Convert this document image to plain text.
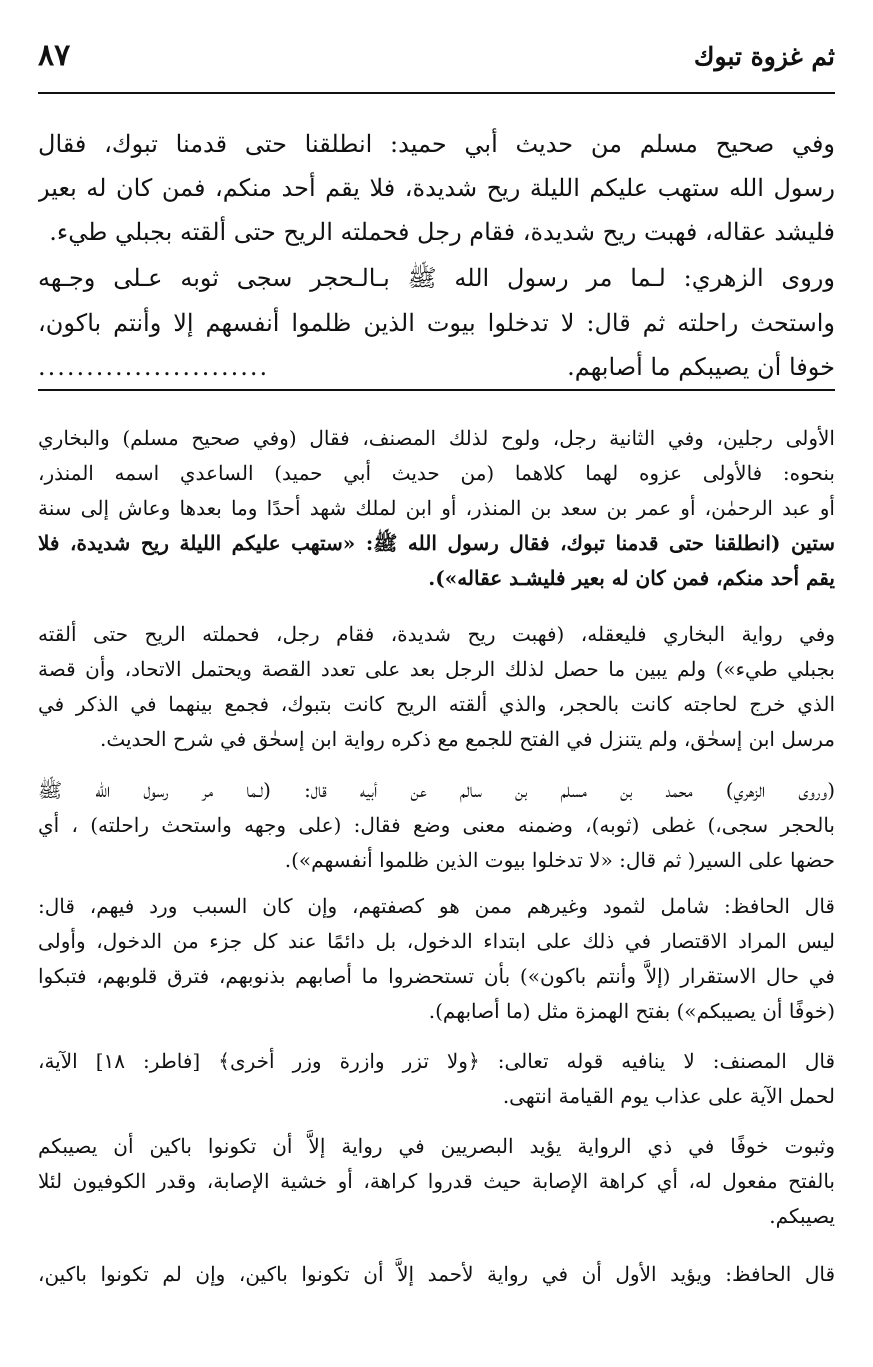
ثم غزوة تبوك
٨٧
وفي صحيح مسلم من حديث أبي حميد: انطلقنا حتى قدمنا تبوك، فقال
رسول الله ستهب عليكم الليلة ريح شديدة، فلا يقم أحد منكم، فمن كان له بعير
فليشد عقاله، فهبت ريح شديدة، فقام رجل فحملته الريح حتى ألقته بجبلي طيء.
وروى الزهري: لـما مر رسول الله ﷺ بـالـحجر سجى ثوبه عـلى وجـهه
واستحث راحلته ثم قال: لا تدخلوا بيوت الذين ظلموا أنفسهم إلا وأنتم باكون،
خوفا أن يصيبكم ما أصابهم.
........................
الأولى رجلين، وفي الثانية رجل، ولوح لذلك المصنف، فقال (وفي صحيح مسلم) والبخاري
بنحوه: فالأولى عزوه لهما كلاهما (من حديث أبي حميد) الساعدي اسمه المنذر،
أو عبد الرحمٰن، أو عمر بن سعد بن المنذر، أو ابن لملك شهد أحدًا وما بعدها وعاش إلى سنة
ستين (انطلقنا حتى قدمنا تبوك، فقال رسول الله ﷺ: «ستهب عليكم الليلة ريح شديدة، فلا
يقم أحد منكم، فمن كان له بعير فليشـد عقاله»).
وفي رواية البخاري فليعقله، (فهبت ريح شديدة، فقام رجل، فحملته الريح حتى ألقته
بجبلي طيء») ولم يبين ما حصل لذلك الرجل بعد على تعدد القصة ويحتمل الاتحاد، وأن قصة
الذي خرج لحاجته كانت بالحجر، والذي ألقته الريح كانت بتبوك، فجمع بينهما في الذكر في
مرسل ابن إسحٰق، ولم يتنزل في الفتح للجمع مع ذكره رواية ابن إسحٰق في شرح الحديث.
(وروى الزهري) محمد بن مسلم بن سالم عن أبيه قال: (لـما مر رسول الله ﷺ
بالحجر سجى،) غطى (ثوبه)، وضمنه معنى وضع فقال: (على وجهه واستحث راحلته) ، أي
حضها على السير( ثم قال: «لا تدخلوا بيوت الذين ظلموا أنفسهم»).
قال الحافظ: شامل لثمود وغيرهم ممن هو كصفتهم، وإن كان السبب ورد فيهم، قال:
ليس المراد الاقتصار في ذلك على ابتداء الدخول، بل دائمًا عند كل جزء من الدخول، وأولى
في حال الاستقرار (إلاَّ وأنتم باكون») بأن تستحضروا ما أصابهم بذنوبهم، فترق قلوبهم، فتبكوا
(خوفًا أن يصيبكم») بفتح الهمزة مثل (ما أصابهم).
قال المصنف: لا ينافيه قوله تعالى: ﴿ولا تزر وازرة وزر أخرى﴾ [فاطر: ١٨] الآية،
لحمل الآية على عذاب يوم القيامة انتهى.
وثبوت خوفًا في ذي الرواية يؤيد البصريين في رواية إلاَّ أن تكونوا باكين أن يصيبكم
بالفتح مفعول له، أي كراهة الإصابة حيث قدروا كراهة، أو خشية الإصابة، وقدر الكوفيون لئلا
يصيبكم.
قال الحافظ: ويؤيد الأول أن في رواية لأحمد إلاَّ أن تكونوا باكين، وإن لم تكونوا باكين،
